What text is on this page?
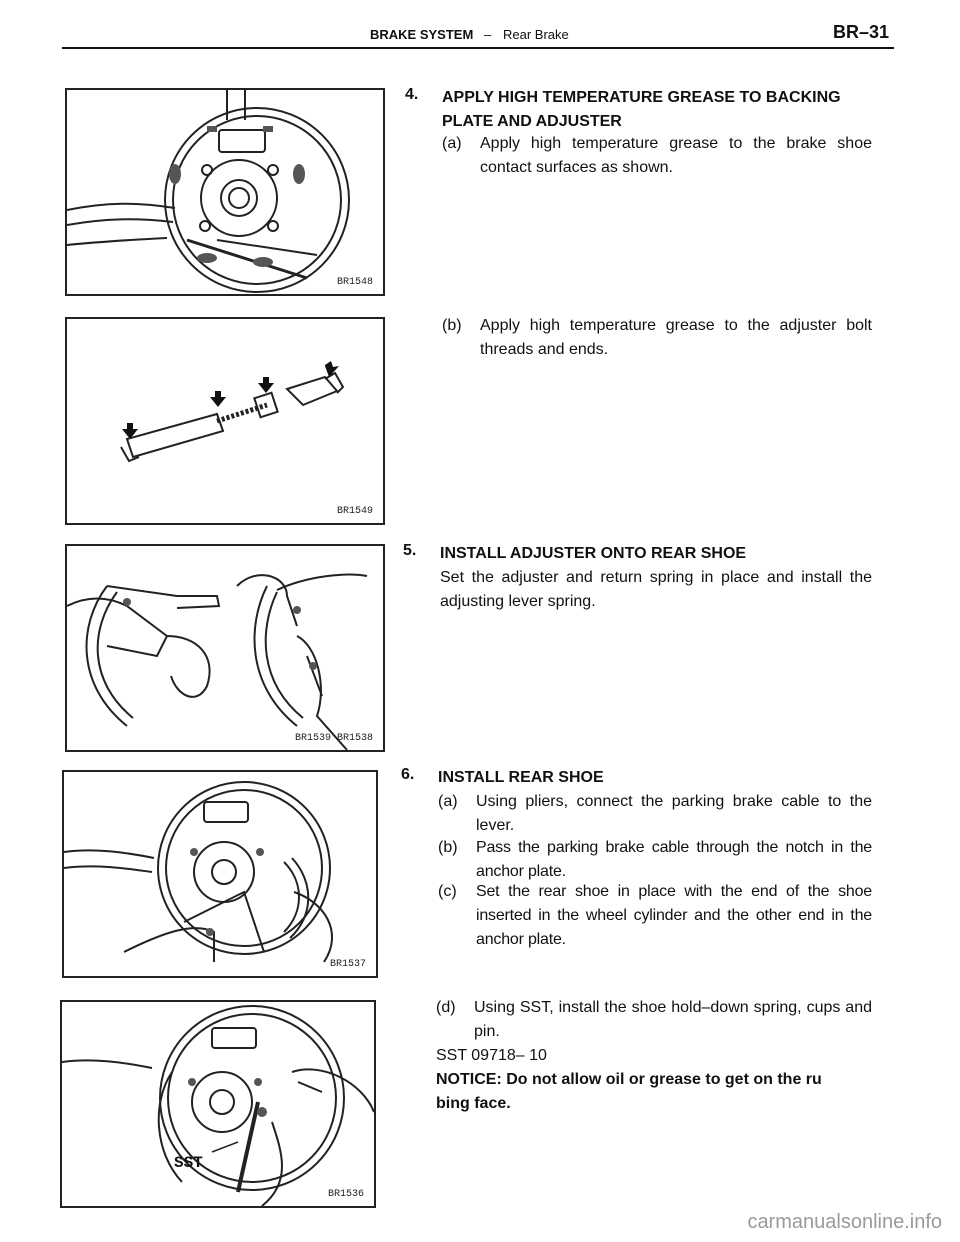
BRAKE SYSTEM – Rear Brake	BR–31
BR1548
4. APPLY HIGH TEMPERATURE GREASE TO BACKING
PLATE AND ADJUSTER
(a) Apply high temperature grease to the brake shoe contact surfaces as shown.
BR1549
(b) Apply high temperature grease to the adjuster bolt threads and ends.
BR1539 BR1538
5. INSTALL ADJUSTER ONTO REAR SHOE
Set the adjuster and return spring in place and install the adjusting lever spring.
BR1537
6. INSTALL REAR SHOE
(a) Using pliers, connect the parking brake cable to the lever.
(b) Pass the parking brake cable through the notch in the anchor plate.
(c) Set the rear shoe in place with the end of the shoe inserted in the wheel cylinder and the other end in the anchor plate.
SST
BR1536
(d) Using SST, install the shoe hold–down spring, cups and pin.
SST 09718– 10
NOTICE: Do not allow oil or grease to get on the ru
bing face.
carmanualsonline.info
